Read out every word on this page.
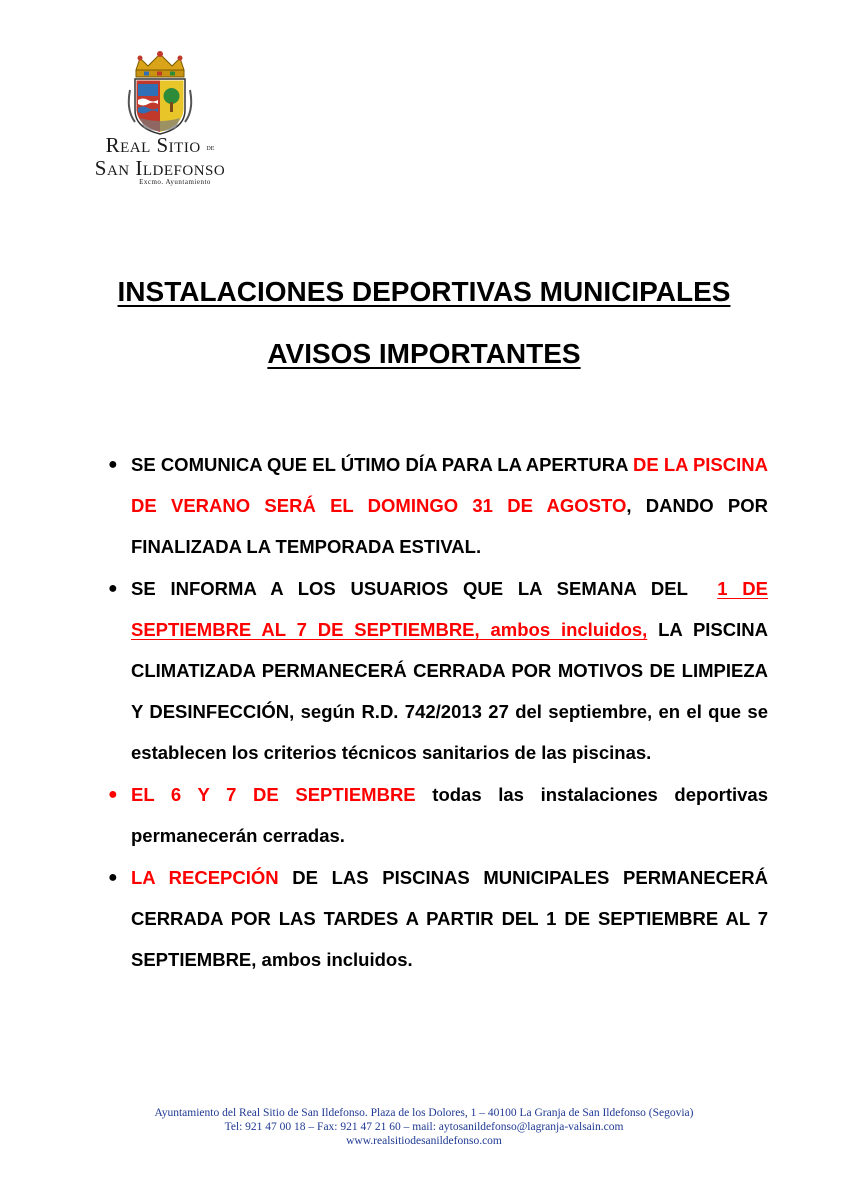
Real Sitio de
San Ildefonso
Excmo. Ayuntamiento
INSTALACIONES DEPORTIVAS MUNICIPALES
AVISOS IMPORTANTES
● SE COMUNICA QUE EL ÚTIMO DÍA PARA LA APERTURA DE LA PISCINA DE VERANO SERÁ EL DOMINGO 31 DE AGOSTO, DANDO POR FINALIZADA LA TEMPORADA ESTIVAL.
● SE INFORMA A LOS USUARIOS QUE LA SEMANA DEL  1 DE SEPTIEMBRE AL 7 DE SEPTIEMBRE, ambos incluidos, LA PISCINA CLIMATIZADA PERMANECERÁ CERRADA POR MOTIVOS DE LIMPIEZA Y DESINFECCIÓN, según R.D. 742/2013 27 del septiembre, en el que se establecen los criterios técnicos sanitarios de las piscinas.
● EL 6 Y 7 DE SEPTIEMBRE todas las instalaciones deportivas permanecerán cerradas.
● LA RECEPCIÓN DE LAS PISCINAS MUNICIPALES PERMANECERÁ CERRADA POR LAS TARDES A PARTIR DEL 1 DE SEPTIEMBRE AL 7 SEPTIEMBRE, ambos incluidos.
Ayuntamiento del Real Sitio de San Ildefonso. Plaza de los Dolores, 1 – 40100 La Granja de San Ildefonso (Segovia)
Tel: 921 47 00 18 – Fax: 921 47 21 60 – mail: aytosanildefonso@lagranja-valsain.com
www.realsitiodesanildefonso.com
